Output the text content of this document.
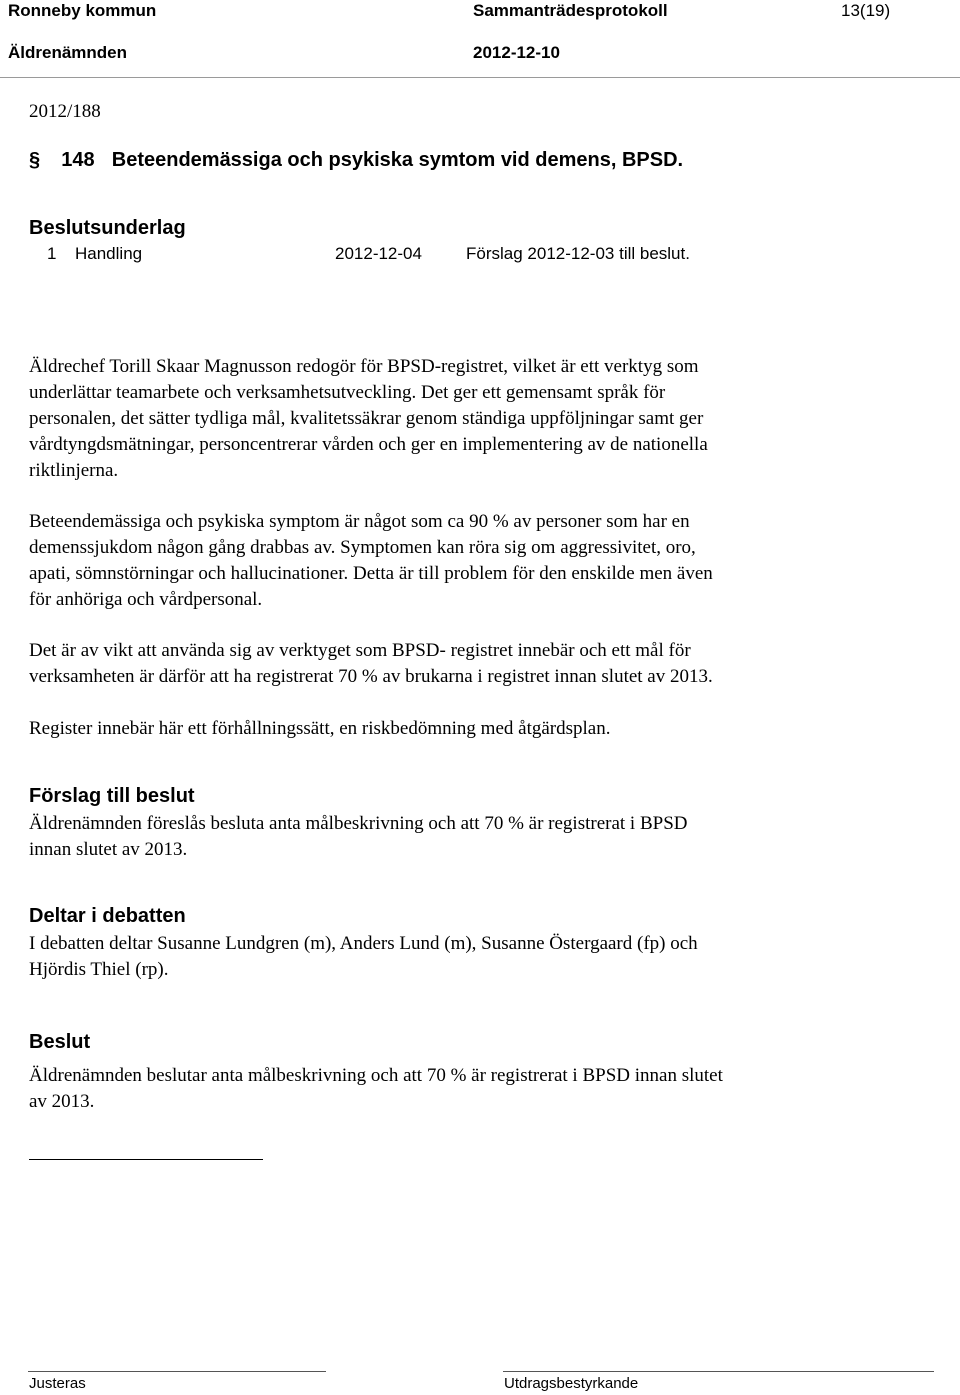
Ronneby kommun	Sammanträdesprotokoll	13(19)
Äldrenämnden	2012-12-10
2012/188
§ 148 Beteendemässiga och psykiska symtom vid demens, BPSD.
Beslutsunderlag
1 Handling	2012-12-04	Förslag 2012-12-03 till beslut.
Äldrechef Torill Skaar Magnusson redogör för BPSD-registret, vilket är ett verktyg som
underlättar teamarbete och verksamhetsutveckling. Det ger ett gemensamt språk för
personalen, det sätter tydliga mål, kvalitetssäkrar genom ständiga uppföljningar samt ger
vårdtyngdsmätningar, personcentrerar vården och ger en implementering av de nationella
riktlinjerna.
Beteendemässiga och psykiska symptom är något som ca 90 % av personer som har en
demenssjukdom någon gång drabbas av. Symptomen kan röra sig om aggressivitet, oro,
apati, sömnstörningar och hallucinationer. Detta är till problem för den enskilde men även
för anhöriga och vårdpersonal.
Det är av vikt att använda sig av verktyget som BPSD- registret innebär och ett mål för
verksamheten är därför att ha registrerat 70 % av brukarna i registret innan slutet av 2013.
Register innebär här ett förhållningssätt, en riskbedömning med åtgärdsplan.
Förslag till beslut
Äldrenämnden föreslås besluta anta målbeskrivning och att 70 % är registrerat i BPSD
innan slutet av 2013.
Deltar i debatten
I debatten deltar Susanne Lundgren (m), Anders Lund (m), Susanne Östergaard (fp) och
Hjördis Thiel (rp).
Beslut
Äldrenämnden beslutar anta målbeskrivning och att 70 % är registrerat i BPSD innan slutet
av 2013.
Justeras	Utdragsbestyrkande
